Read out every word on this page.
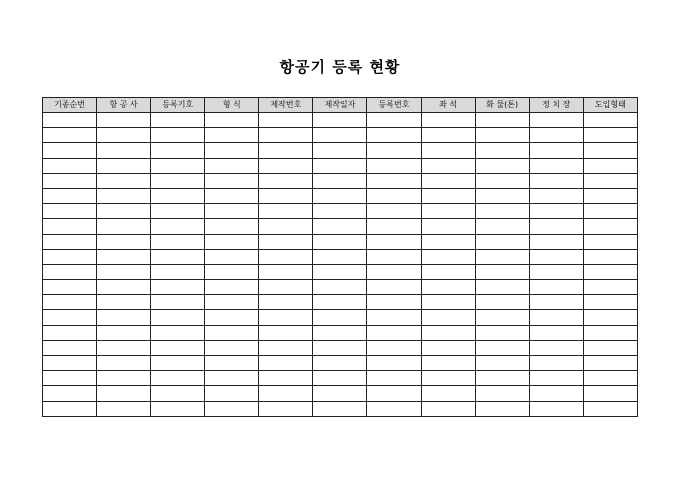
항공기 등록 현황
기종순번	항 공 사	등록기호	형 식	제작번호	제작일자	등록번호	좌 석	화 물(톤)	정 치 장	도입형태
